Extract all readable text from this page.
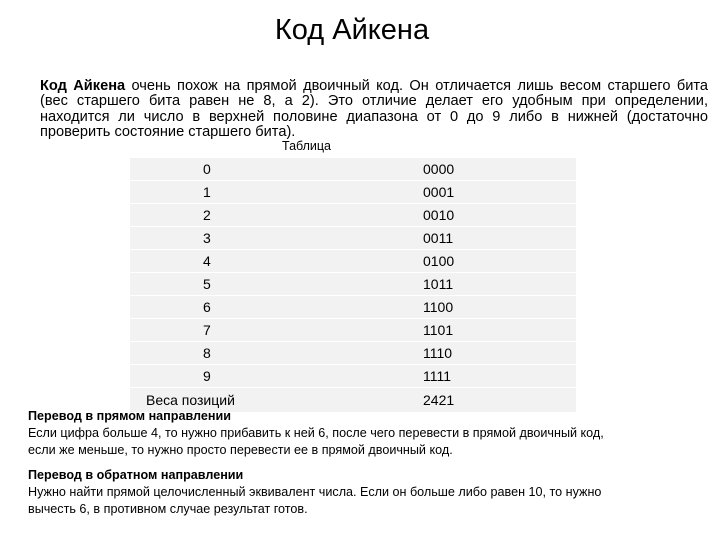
Код Айкена
Код Айкена очень похож на прямой двоичный код. Он отличается лишь весом старшего бита (вес старшего бита равен не 8, а 2). Это отличие делает его удобным при определении, находится ли число в верхней половине диапазона от 0 до 9 либо в нижней (достаточно проверить состояние старшего бита).
Таблица
0	0000
1	0001
2	0010
3	0011
4	0100
5	1011
6	1100
7	1101
8	1110
9	1111
Веса позиций	2421
Перевод в прямом направлении
Если цифра больше 4, то нужно прибавить к ней 6, после чего перевести в прямой двоичный код,
если же меньше, то нужно просто перевести ее в прямой двоичный код.
Перевод в обратном направлении
Нужно найти прямой целочисленный эквивалент числа. Если он больше либо равен 10, то нужно
вычесть 6, в противном случае результат готов.
